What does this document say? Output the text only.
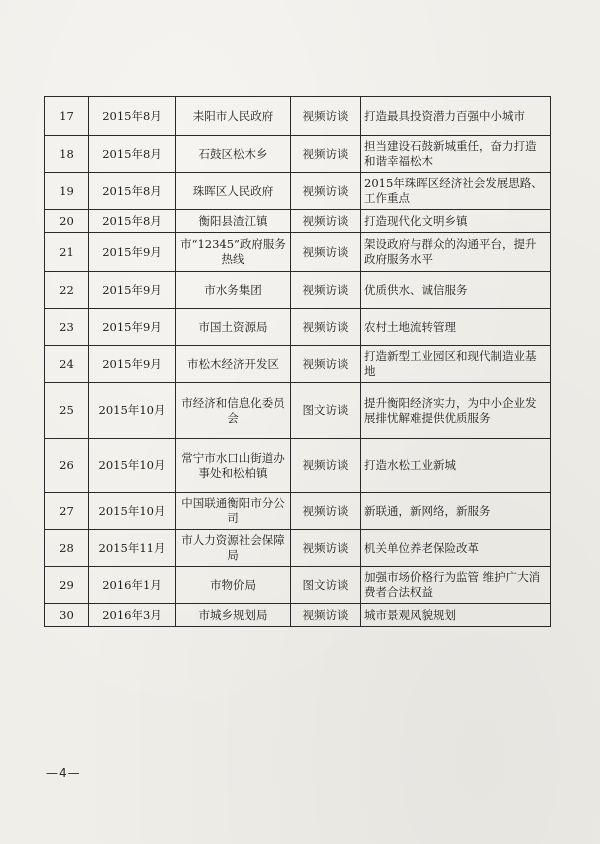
17	2015年8月	耒阳市人民政府	视频访谈	打造最具投资潜力百强中小城市
18	2015年8月	石鼓区松木乡	视频访谈	担当建设石鼓新城重任，奋力打造和谐幸福松木
19	2015年8月	珠晖区人民政府	视频访谈	2015年珠晖区经济社会发展思路、工作重点
20	2015年8月	衡阳县渣江镇	视频访谈	打造现代化文明乡镇
21	2015年9月	市“12345”政府服务热线	视频访谈	架设政府与群众的沟通平台，提升政府服务水平
22	2015年9月	市水务集团	视频访谈	优质供水、诚信服务
23	2015年9月	市国土资源局	视频访谈	农村土地流转管理
24	2015年9月	市松木经济开发区	视频访谈	打造新型工业园区和现代制造业基地
25	2015年10月	市经济和信息化委员会	图文访谈	提升衡阳经济实力，为中小企业发展排忧解难提供优质服务
26	2015年10月	常宁市水口山街道办事处和松柏镇	视频访谈	打造水松工业新城
27	2015年10月	中国联通衡阳市分公司	视频访谈	新联通，新网络，新服务
28	2015年11月	市人力资源社会保障局	视频访谈	机关单位养老保险改革
29	2016年1月	市物价局	图文访谈	加强市场价格行为监管 维护广大消费者合法权益
30	2016年3月	市城乡规划局	视频访谈	城市景观风貌规划
—4—
